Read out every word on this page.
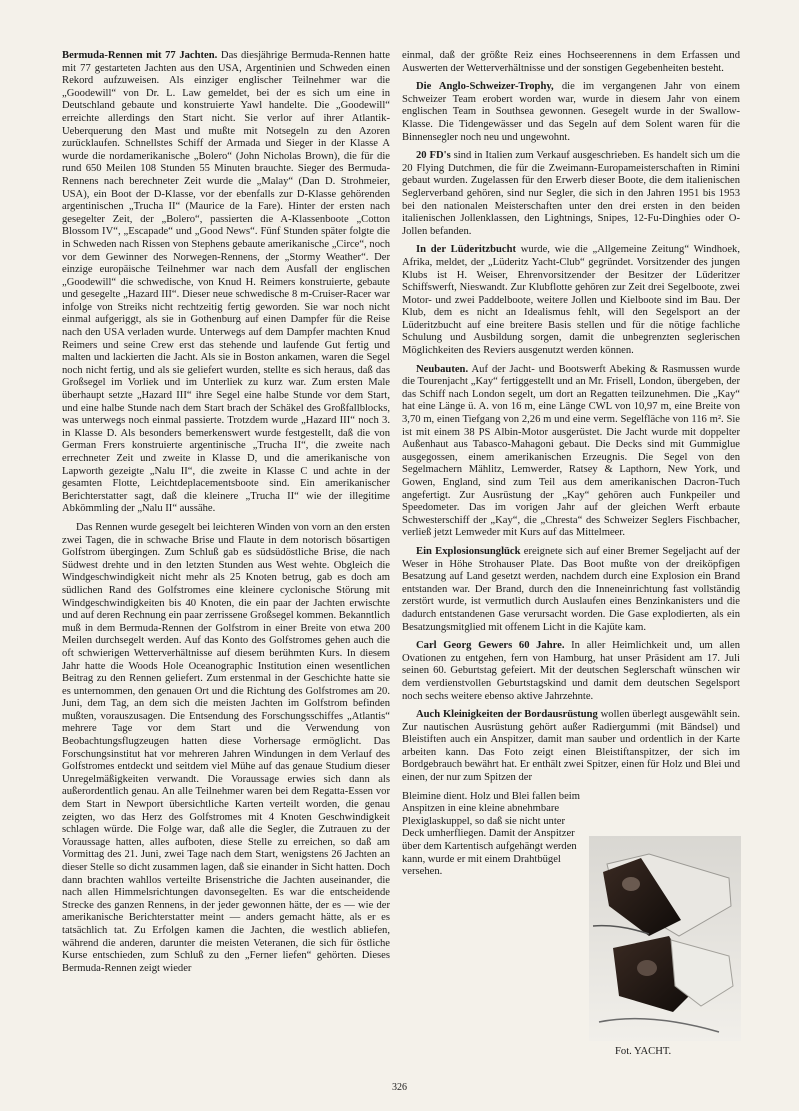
Bermuda-Rennen mit 77 Jachten. Das diesjährige Bermuda-Rennen hatte mit 77 gestarteten Jachten aus den USA, Argentinien und Schweden einen Rekord aufzuweisen. Als einziger englischer Teilnehmer war die „Goodewill“ von Dr. L. Law gemeldet, bei der es sich um eine in Deutschland gebaute und konstruierte Yawl handelte. Die „Goodewill“ erreichte allerdings den Start nicht. Sie verlor auf ihrer Atlantik-Ueberquerung den Mast und mußte mit Notsegeln zu den Azoren zurücklaufen. Schnellstes Schiff der Armada und Sieger in der Klasse A wurde die nordamerikanische „Bolero“ (John Nicholas Brown), die für die rund 650 Meilen 108 Stunden 55 Minuten brauchte. Sieger des Bermuda-Rennens nach berechneter Zeit wurde die „Malay“ (Dan D. Strohmeier, USA), ein Boot der D-Klasse, vor der ebenfalls zur D-Klasse gehörenden argentinischen „Trucha II“ (Maurice de la Fare). Hinter der ersten nach gesegelter Zeit, der „Bolero“, passierten die A-Klassenboote „Cotton Blossom IV“, „Escapade“ und „Good News“. Fünf Stunden später folgte die in Schweden nach Rissen von Stephens gebaute amerikanische „Circe“, noch vor dem Gewinner des Norwegen-Rennens, der „Stormy Weather“. Der einzige europäische Teilnehmer war nach dem Ausfall der englischen „Goodewill“ die schwedische, von Knud H. Reimers konstruierte, gebaute und gesegelte „Hazard III“. Dieser neue schwedische 8 m-Cruiser-Racer war infolge von Streiks nicht rechtzeitig fertig geworden. Sie war noch nicht einmal aufgeriggt, als sie in Gothenburg auf einen Dampfer für die Reise nach den USA verladen wurde. Unterwegs auf dem Dampfer machten Knud Reimers und seine Crew erst das stehende und laufende Gut fertig und malten und lackierten die Jacht. Als sie in Boston ankamen, waren die Segel noch nicht fertig, und als sie geliefert wurden, stellte es sich heraus, daß das Großsegel im Vorliek und im Unterliek zu kurz war. Zum ersten Male überhaupt setzte „Hazard III“ ihre Segel eine halbe Stunde vor dem Start, und eine halbe Stunde nach dem Start brach der Schäkel des Großfallblocks, was unterwegs noch einmal passierte. Trotzdem wurde „Hazard III“ noch 3. in Klasse D. Als besonders bemerkenswert wurde festgestellt, daß die von German Frers konstruierte argentinische „Trucha II“, die zweite nach errechneter Zeit und zweite in Klasse D, und die amerikanische von Lapworth gezeigte „Nalu II“, die zweite in Klasse C und achte in der gesamten Flotte, Leichtdeplacementsboote sind. Ein amerikanischer Berichterstatter sagt, daß die kleinere „Trucha II“ wie der illegitime Abkömmling der „Nalu II“ aussähe.

Das Rennen wurde gesegelt bei leichteren Winden von vorn an den ersten zwei Tagen, die in schwache Brise und Flaute in dem notorisch bösartigen Golfstrom übergingen. Zum Schluß gab es südsüdöstliche Brise, die nach Südwest drehte und in den letzten Stunden aus West wehte. Obgleich die Windgeschwindigkeit nicht mehr als 25 Knoten betrug, gab es doch am südlichen Rand des Golfstromes eine kleinere cyclonische Störung mit Windgeschwindigkeiten bis 40 Knoten, die ein paar der Jachten erwischte und auf deren Rechnung ein paar zerrissene Großsegel kommen. Bekanntlich muß in dem Bermuda-Rennen der Golfstrom in einer Breite von etwa 200 Meilen durchsegelt werden. Auf das Konto des Golfstromes gehen auch die oft schwierigen Wetterverhältnisse auf diesem berühmten Kurs. In diesem Jahr hatte die Woods Hole Oceanographic Institution einen wesentlichen Beitrag zu den Rennen geliefert. Zum erstenmal in der Geschichte hatte sie es unternommen, den genauen Ort und die Richtung des Golfstromes am 20. Juni, dem Tag, an dem sich die meisten Jachten im Golfstrom befinden mußten, vorauszusagen. Die Entsendung des Forschungsschiffes „Atlantis“ mehrere Tage vor dem Start und die Verwendung von Beobachtungsflugzeugen hatten diese Vorhersage ermöglicht. Das Forschungsinstitut hat vor mehreren Jahren Windungen in dem Verlauf des Golfstromes entdeckt und seitdem viel Mühe auf das genaue Studium dieser Unregelmäßigkeiten verwandt. Die Voraussage erwies sich dann als außerordentlich genau. An alle Teilnehmer waren bei dem Regatta-Essen vor dem Start in Newport übersichtliche Karten verteilt worden, die genau zeigten, wo das Herz des Golfstromes mit 4 Knoten Geschwindigkeit schlagen würde. Die Folge war, daß alle die Segler, die Zutrauen zu der Voraussage hatten, alles aufboten, diese Stelle zu erreichen, so daß am Vormittag des 21. Juni, zwei Tage nach dem Start, wenigstens 26 Jachten an dieser Stelle so dicht zusammen lagen, daß sie einander in Sicht hatten. Doch dann brachten wahllos verteilte Brisenstriche die Jachten auseinander, die nach allen Himmelsrichtungen davonsegelten. Es war die entscheidende Strecke des ganzen Rennens, in der jeder gewonnen hätte, der es — wie der amerikanische Berichterstatter meint — anders gemacht hätte, als er es tatsächlich tat. Zu Erfolgen kamen die Jachten, die westlich abliefen, während die anderen, darunter die meisten Veteranen, die sich für östliche Kurse entschieden, zum Schluß zu den „Ferner liefen“ gehörten. Dieses Bermuda-Rennen zeigt wieder

einmal, daß der größte Reiz eines Hochseerennens in dem Erfassen und Auswerten der Wetterverhältnisse und der sonstigen Gegebenheiten besteht.

Die Anglo-Schweizer-Trophy, die im vergangenen Jahr von einem Schweizer Team erobert worden war, wurde in diesem Jahr von einem englischen Team in Southsea gewonnen. Gesegelt wurde in der Swallow-Klasse. Die Tidengewässer und das Segeln auf dem Solent waren für die Binnensegler noch neu und ungewohnt.

20 FD's sind in Italien zum Verkauf ausgeschrieben. Es handelt sich um die 20 Flying Dutchmen, die für die Zweimann-Europameisterschaften in Rimini gebaut wurden. Zugelassen für den Erwerb dieser Boote, die dem italienischen Seglerverband gehören, sind nur Segler, die sich in den Jahren 1951 bis 1953 bei den nationalen Meisterschaften unter den drei ersten in den beiden italienischen Jollenklassen, den Lightnings, Snipes, 12-Fu-Dinghies oder O-Jollen befanden.

In der Lüderitzbucht wurde, wie die „Allgemeine Zeitung“ Windhoek, Afrika, meldet, der „Lüderitz Yacht-Club“ gegründet. Vorsitzender des jungen Klubs ist H. Weiser, Ehrenvorsitzender der Besitzer der Lüderitzer Schiffswerft, Nieswandt. Zur Klubflotte gehören zur Zeit drei Segelboote, zwei Motor- und zwei Paddelboote, weitere Jollen und Kielboote sind im Bau. Der Klub, dem es nicht an Idealismus fehlt, will den Segelsport an der Lüderitzbucht auf eine breitere Basis stellen und für die nötige fachliche Schulung und Ausbildung sorgen, damit die unbegrenzten seglerischen Möglichkeiten des Reviers ausgenutzt werden können.

Neubauten. Auf der Jacht- und Bootswerft Abeking & Rasmussen wurde die Tourenjacht „Kay“ fertiggestellt und an Mr. Frisell, London, übergeben, der das Schiff nach London segelt, um dort an Regatten teilzunehmen. Die „Kay“ hat eine Länge ü. A. von 16 m, eine Länge CWL von 10,97 m, eine Breite von 3,70 m, einen Tiefgang von 2,26 m und eine verm. Segelfläche von 116 m². Sie ist mit einem 38 PS Albin-Motor ausgerüstet. Die Jacht wurde mit doppelter Außenhaut aus Tabasco-Mahagoni gebaut. Die Decks sind mit Gummiglue ausgegossen, einem amerikanischen Erzeugnis. Die Segel von den Segelmachern Mählitz, Lemwerder, Ratsey & Lapthorn, New York, und Gowen, England, sind zum Teil aus dem amerikanischen Dacron-Tuch angefertigt. Zur Ausrüstung der „Kay“ gehören auch Funkpeiler und Speedometer. Das im vorigen Jahr auf der gleichen Werft erbaute Schwesterschiff der „Kay“, die „Chresta“ des Schweizer Seglers Fischbacher, verließ jetzt Lemweder mit Kurs auf das Mittelmeer.

Ein Explosionsunglück ereignete sich auf einer Bremer Segeljacht auf der Weser in Höhe Strohauser Plate. Das Boot mußte von der dreiköpfigen Besatzung auf Land gesetzt werden, nachdem durch eine Explosion ein Brand entstanden war. Der Brand, durch den die Inneneinrichtung fast vollständig zerstört wurde, ist vermutlich durch Auslaufen eines Benzinkanisters und die dadurch entstandenen Gase verursacht worden. Die Gase explodierten, als ein Besatzungsmitglied mit offenem Licht in die Kajüte kam.

Carl Georg Gewers 60 Jahre. In aller Heimlichkeit und, um allen Ovationen zu entgehen, fern von Hamburg, hat unser Präsident am 17. Juli seinen 60. Geburtstag gefeiert. Mit der deutschen Seglerschaft wünschen wir dem verdienstvollen Geburtstagskind und damit dem deutschen Segelsport noch sechs weitere ebenso aktive Jahrzehnte.

Auch Kleinigkeiten der Bordausrüstung wollen überlegt ausgewählt sein. Zur nautischen Ausrüstung gehört außer Radiergummi (mit Bändsel) und Bleistiften auch ein Anspitzer, damit man sauber und ordentlich in der Karte arbeiten kann. Das Foto zeigt einen Bleistiftanspitzer, der sich im Bordgebrauch bewährt hat. Er enthält zwei Spitzer, einen für Holz und Blei und einen, der nur zum Spitzen der

Bleimine dient. Holz und Blei fallen beim Anspitzen in eine kleine abnehmbare Plexiglaskuppel, so daß sie nicht unter Deck umherfliegen. Damit der Anspitzer über dem Kartentisch aufgehängt werden kann, wurde er mit einem Drahtbügel versehen.

Fot. YACHT.
326
